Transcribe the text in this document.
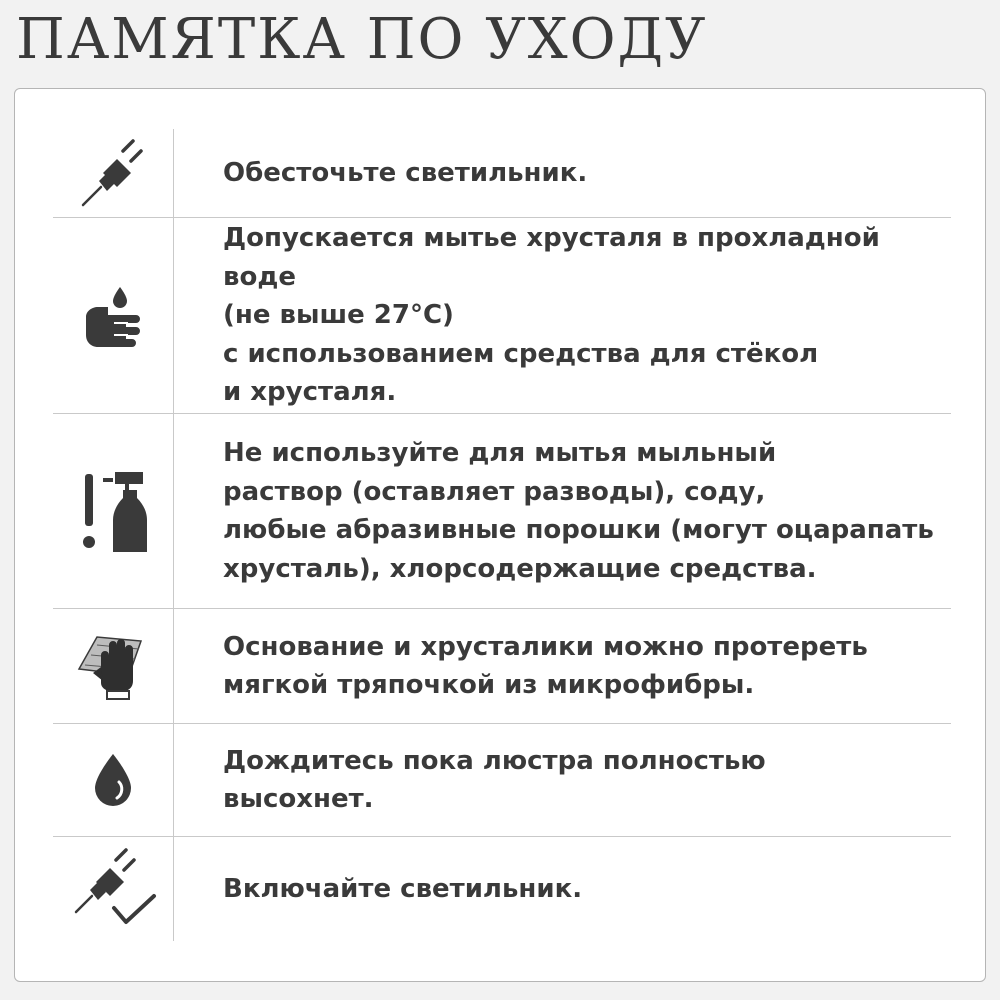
ПАМЯТКА ПО УХОДУ
Обесточьте светильник.
Допускается мытье хрусталя в прохладной воде
(не выше 27°С)
с использованием средства для стёкол
и хрусталя.
Не используйте для мытья мыльный
раствор (оставляет разводы), соду,
любые абразивные порошки (могут оцарапать
хрусталь), хлорсодержащие средства.
Основание и хрусталики можно протереть
мягкой тряпочкой из микрофибры.
Дождитесь пока люстра полностью
высохнет.
Включайте светильник.
